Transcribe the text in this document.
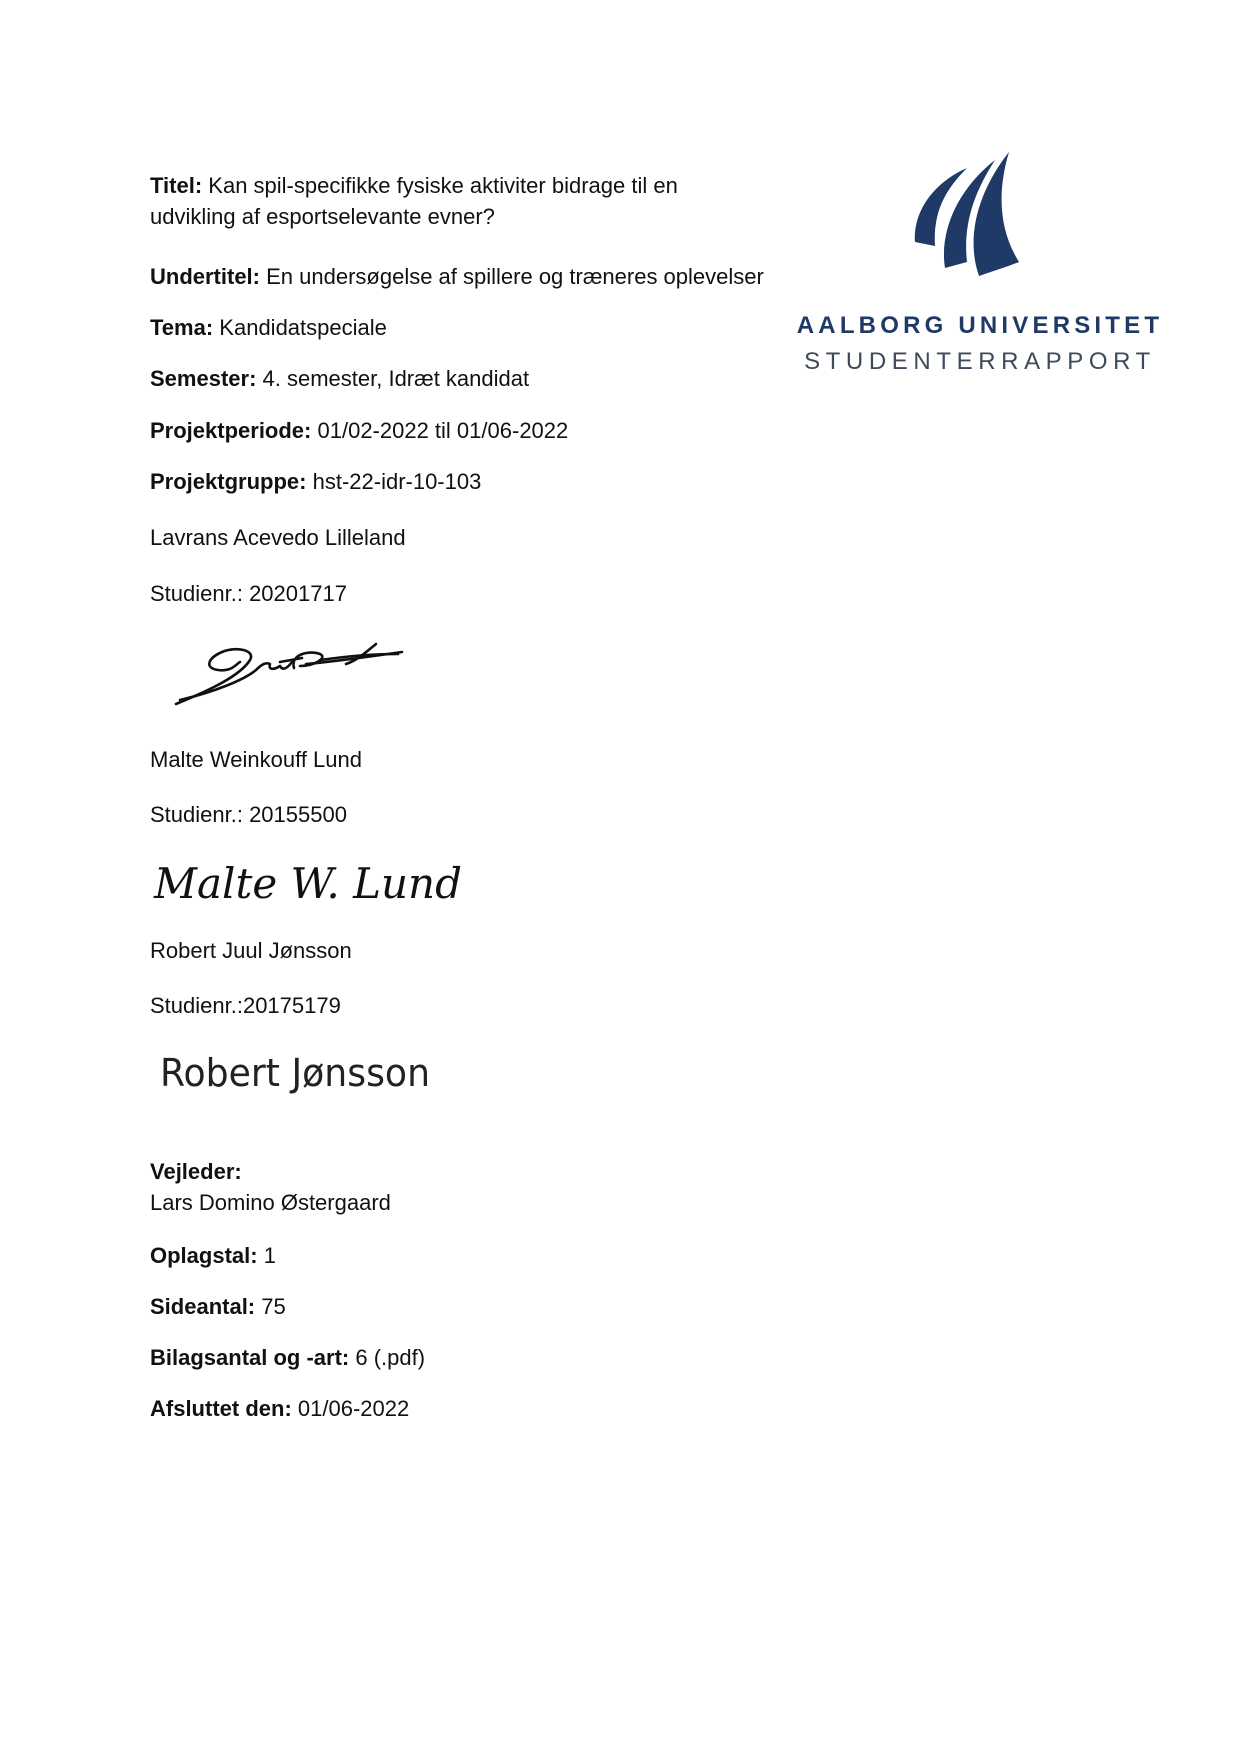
Titel: Kan spil-specifikke fysiske aktiviter bidrage til en udvikling af esportselevante evner?
Undertitel: En undersøgelse af spillere og træneres oplevelser
Tema: Kandidatspeciale
Semester: 4. semester, Idræt kandidat
Projektperiode: 01/02-2022 til 01/06-2022
Projektgruppe: hst-22-idr-10-103
Lavrans Acevedo Lilleland
Studienr.: 20201717
Malte Weinkouff Lund
Studienr.: 20155500
Malte W. Lund
Robert Juul Jønsson
Studienr.:20175179
Robert Jønsson
Vejleder:
Lars Domino Østergaard
Oplagstal: 1
Sideantal: 75
Bilagsantal og -art: 6 (.pdf)
Afsluttet den: 01/06-2022
AALBORG UNIVERSITET
STUDENTERRAPPORT
